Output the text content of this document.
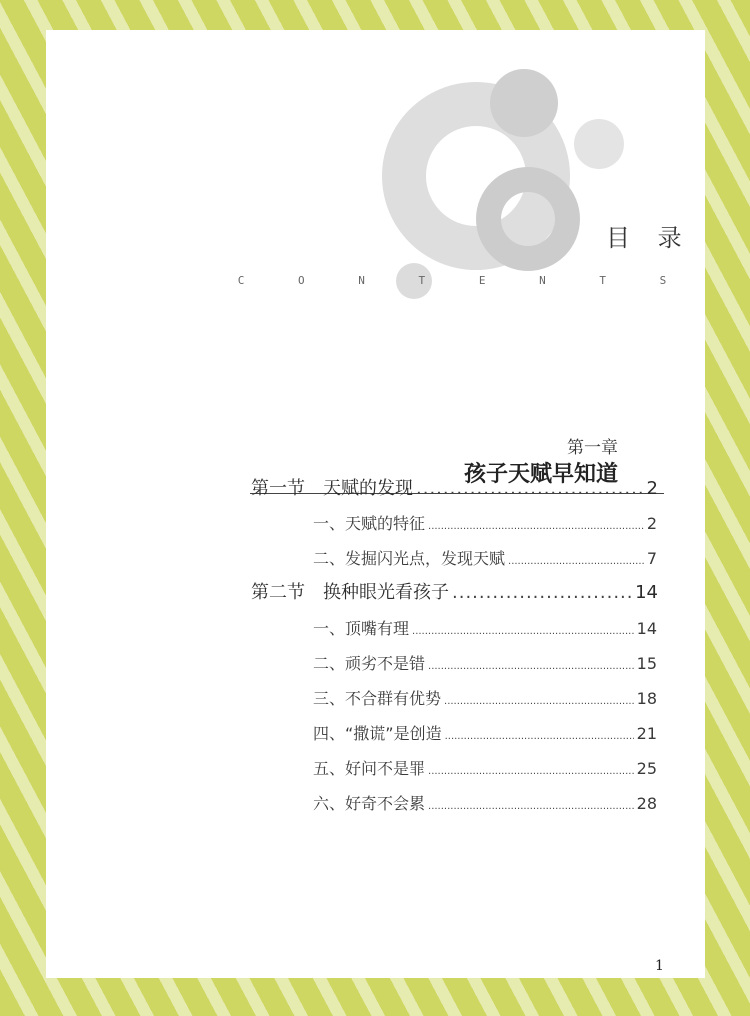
目 录
C	O	N	T	E	N	T	S
第一章
孩子天赋早知道
第一节 天赋的发现 .....	2
一、天赋的特征 .....	2
二、发掘闪光点，发现天赋 .....	7
第二节 换种眼光看孩子 .....	14
一、顶嘴有理 .....	14
二、顽劣不是错 .....	15
三、不合群有优势 .....	18
四、“撒谎”是创造 .....	21
五、好问不是罪 .....	25
六、好奇不会累 .....	28
1
